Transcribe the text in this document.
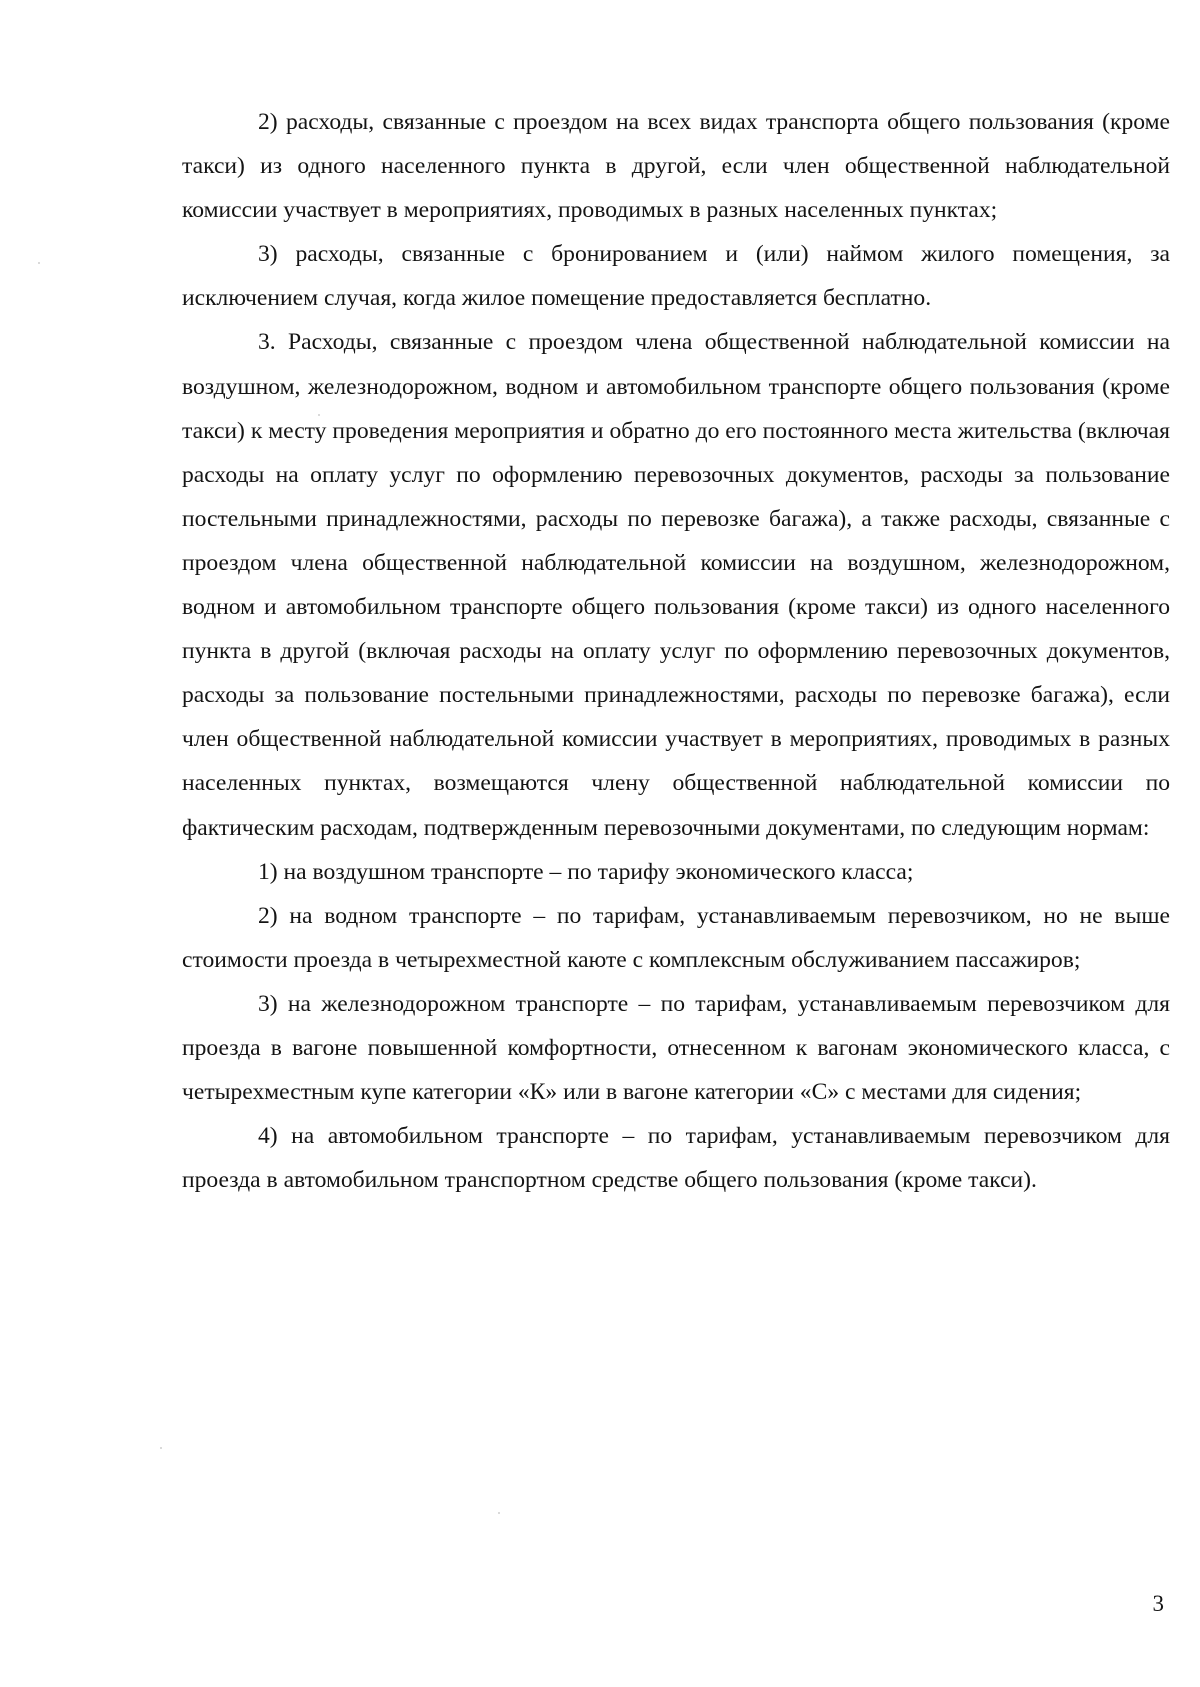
2) расходы, связанные с проездом на всех видах транспорта общего пользования (кроме такси) из одного населенного пункта в другой, если член общественной наблюдательной комиссии участвует в мероприятиях, проводимых в разных населенных пунктах;

3) расходы, связанные с бронированием и (или) наймом жилого помещения, за исключением случая, когда жилое помещение предоставляется бесплатно.

3. Расходы, связанные с проездом члена общественной наблюдательной комиссии на воздушном, железнодорожном, водном и автомобильном транспорте общего пользования (кроме такси) к месту проведения мероприятия и обратно до его постоянного места жительства (включая расходы на оплату услуг по оформлению перевозочных документов, расходы за пользование постельными принадлежностями, расходы по перевозке багажа), а также расходы, связанные с проездом члена общественной наблюдательной комиссии на воздушном, железнодорожном, водном и автомобильном транспорте общего пользования (кроме такси) из одного населенного пункта в другой (включая расходы на оплату услуг по оформлению перевозочных документов, расходы за пользование постельными принадлежностями, расходы по перевозке багажа), если член общественной наблюдательной комиссии участвует в мероприятиях, проводимых в разных населенных пунктах, возмещаются члену общественной наблюдательной комиссии по фактическим расходам, подтвержденным перевозочными документами, по следующим нормам:

1) на воздушном транспорте – по тарифу экономического класса;

2) на водном транспорте – по тарифам, устанавливаемым перевозчиком, но не выше стоимости проезда в четырехместной каюте с комплексным обслуживанием пассажиров;

3) на железнодорожном транспорте – по тарифам, устанавливаемым перевозчиком для проезда в вагоне повышенной комфортности, отнесенном к вагонам экономического класса, с четырехместным купе категории «К» или в вагоне категории «С» с местами для сидения;

4) на автомобильном транспорте – по тарифам, устанавливаемым перевозчиком для проезда в автомобильном транспортном средстве общего пользования (кроме такси).

3
